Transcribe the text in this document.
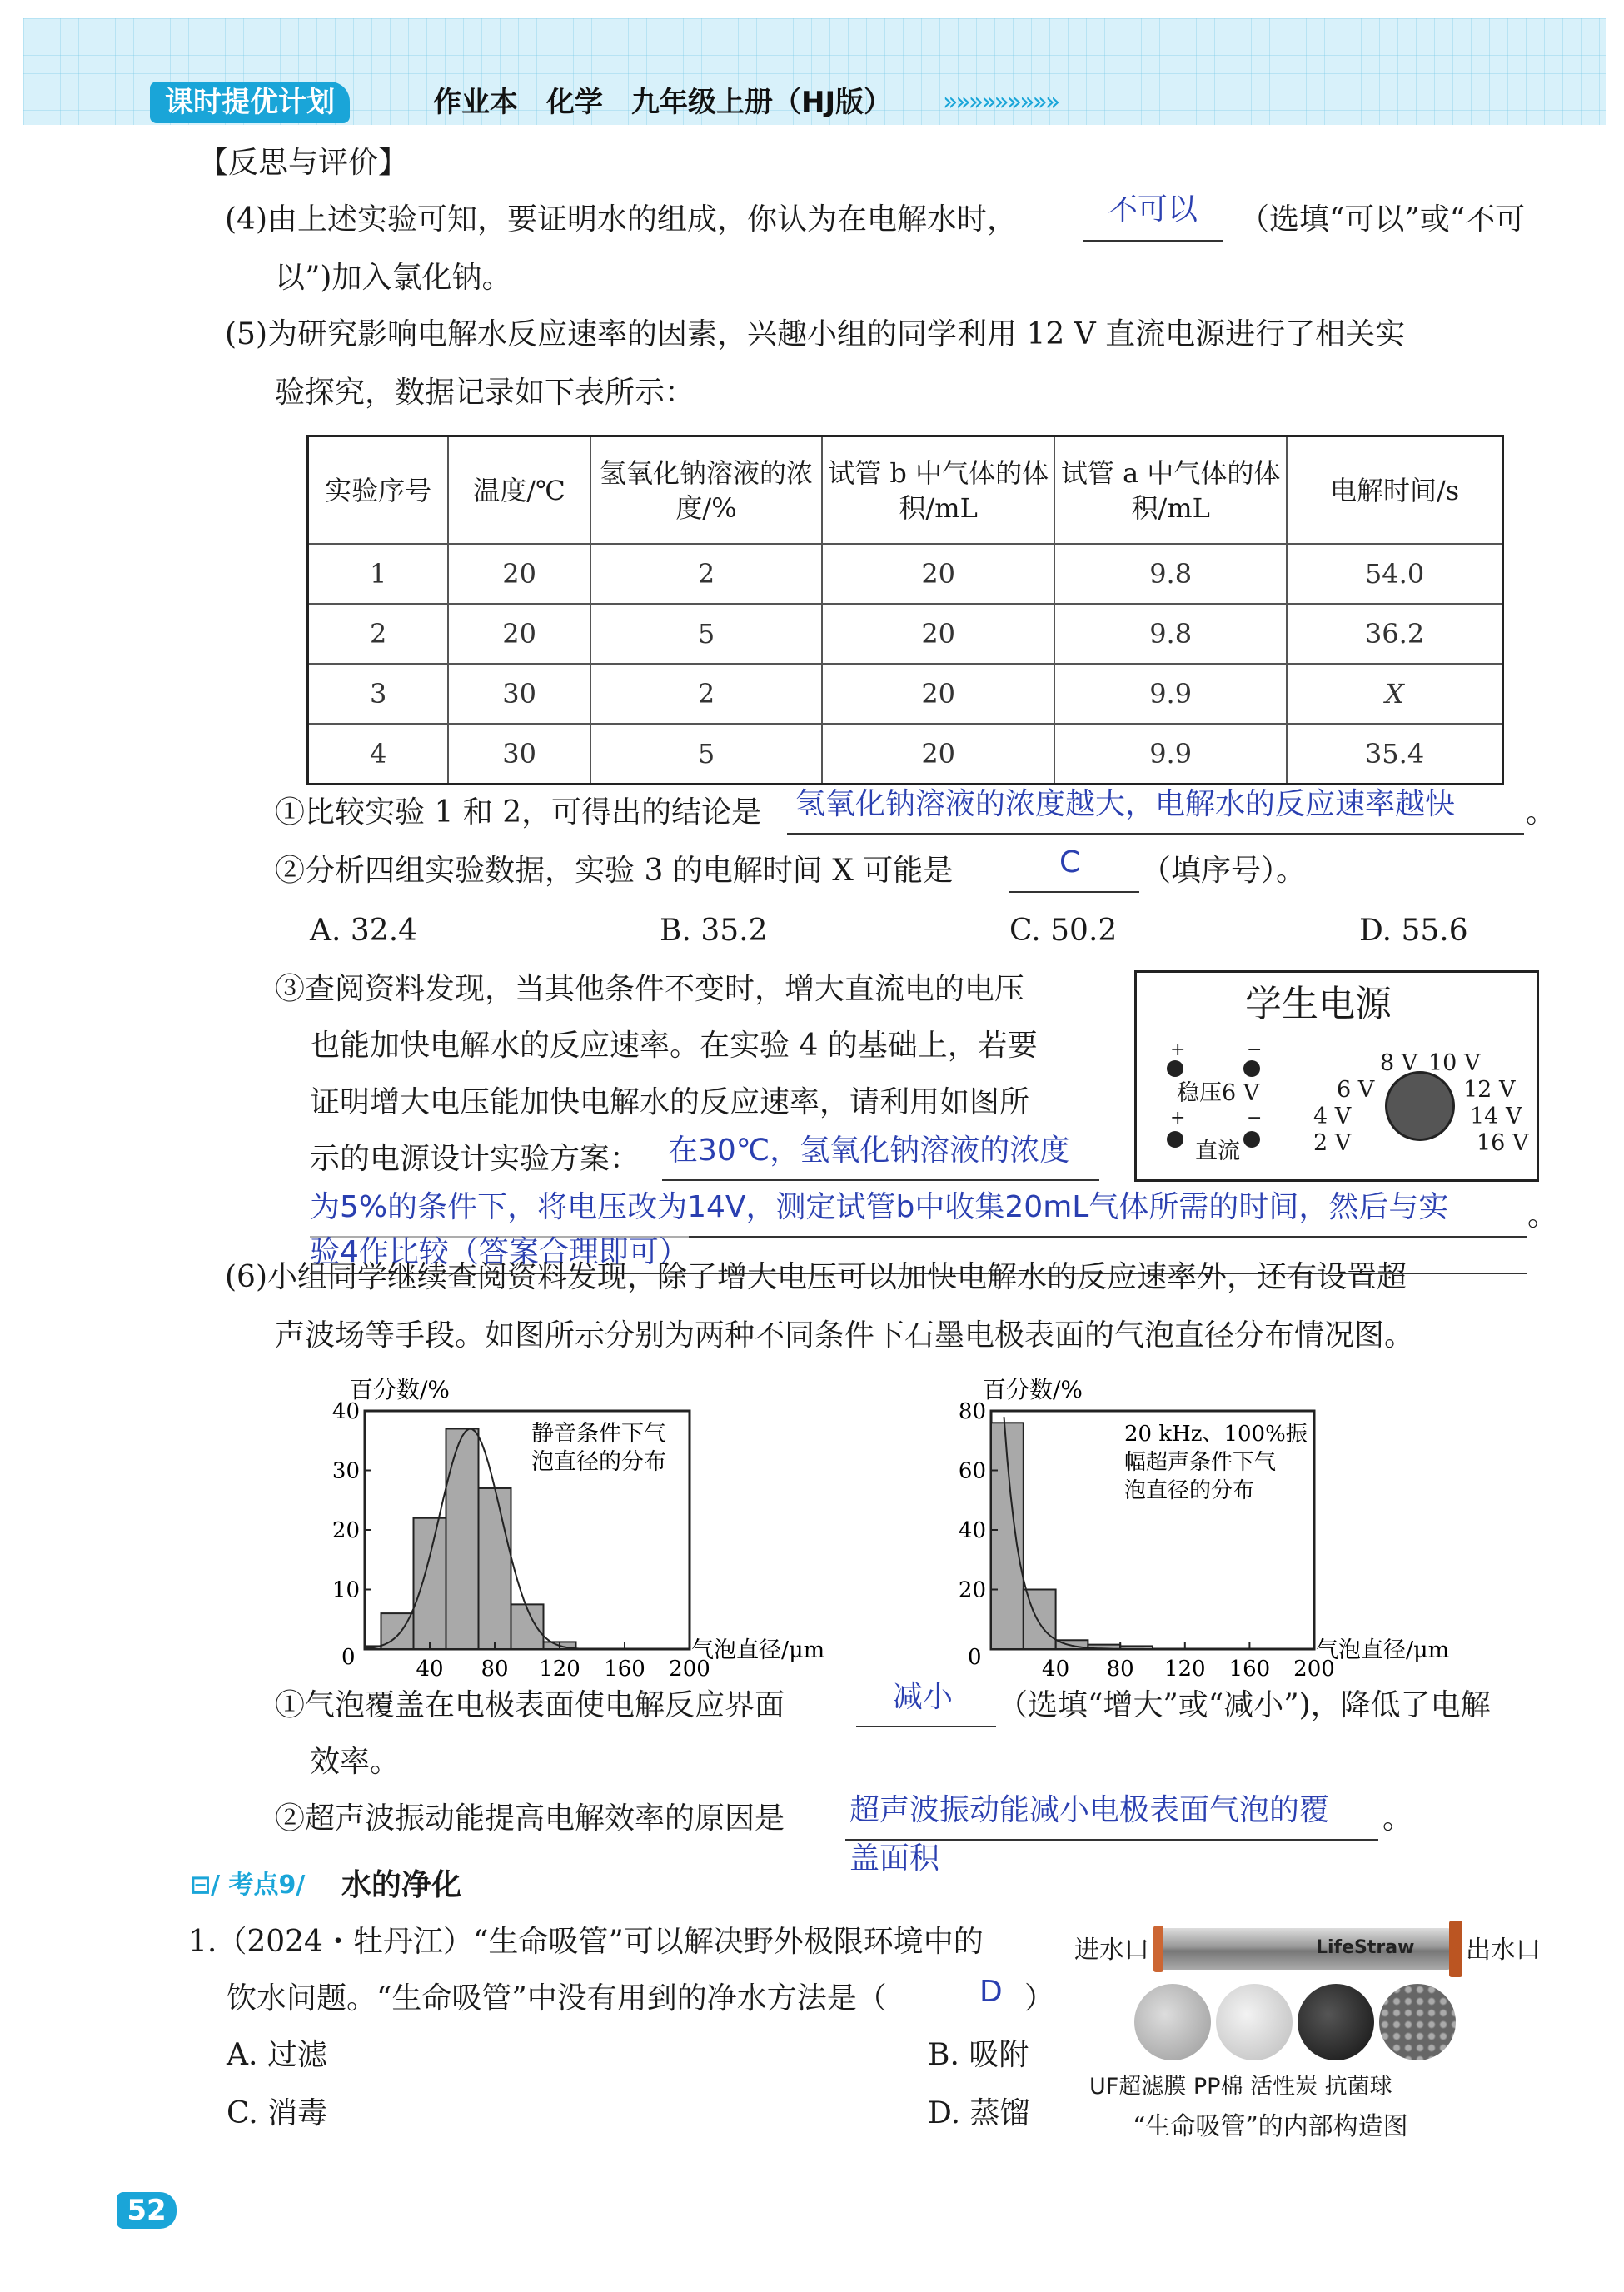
课时提优计划	作业本　化学　九年级上册（HJ版） »»»»»»»»»
【反思与评价】
(4)由上述实验可知，要证明水的组成，你认为在电解水时，	不可以 （选填“可以”或“不可
以”)加入氯化钠。
(5)为研究影响电解水反应速率的因素，兴趣小组的同学利用 12 V 直流电源进行了相关实
验探究，数据记录如下表所示：
实验序号	温度/℃	氢氧化钠溶液的浓度/%	试管 b 中气体的体积/mL	试管 a 中气体的体积/mL	电解时间/s
1	20	2	20	9.8	54.0
2	20	5	20	9.8	36.2
3	30	2	20	9.9	X
4	30	5	20	9.9	35.4
①比较实验 1 和 2，可得出的结论是 氢氧化钠溶液的浓度越大，电解水的反应速率越快 。
②分析四组实验数据，实验 3 的电解时间 X 可能是	C （填序号）。
A. 32.4	B. 35.2	C. 50.2	D. 55.6
③查阅资料发现，当其他条件不变时，增大直流电的电压
也能加快电解水的反应速率。在实验 4 的基础上，若要
证明增大电压能加快电解水的反应速率，请利用如图所
示的电源设计实验方案： 在30℃，氢氧化钠溶液的浓度
为5%的条件下，将电压改为14V，测定试管b中收集20mL气体所需的时间，然后与实	。
验4作比较（答案合理即可）
学生电源
+	−
稳压6 V
+	−
直流	2 V
4 V
6 V
8 V 10 V
12 V
14 V
16 V
(6)小组同学继续查阅资料发现，除了增大电压可以加快电解水的反应速率外，还有设置超
声波场等手段。如图所示分别为两种不同条件下石墨电极表面的气泡直径分布情况图。
百分数/%
静音条件下气泡直径的分布
气泡直径/μm
0	40 80 120 160 200
10
20
30
40
百分数/%
20 kHz、100%振幅超声条件下气泡直径的分布
气泡直径/μm
0	40 80 120 160 200
20
40
60
80
①气泡覆盖在电极表面使电解反应界面	减小 （选填“增大”或“减小”)，降低了电解
效率。
②超声波振动能提高电解效率的原因是 超声波振动能减小电极表面气泡的覆 。
盖面积
⊟/ 考点9/ 水的净化
1.（2024・牡丹江）“生命吸管”可以解决野外极限环境中的
饮水问题。“生命吸管”中没有用到的净水方法是（	D ）
A. 过滤	B. 吸附
C. 消毒	D. 蒸馏
进水口	LifeStraw 出水口
UF超滤膜 PP棉 活性炭 抗菌球
“生命吸管”的内部构造图
52
